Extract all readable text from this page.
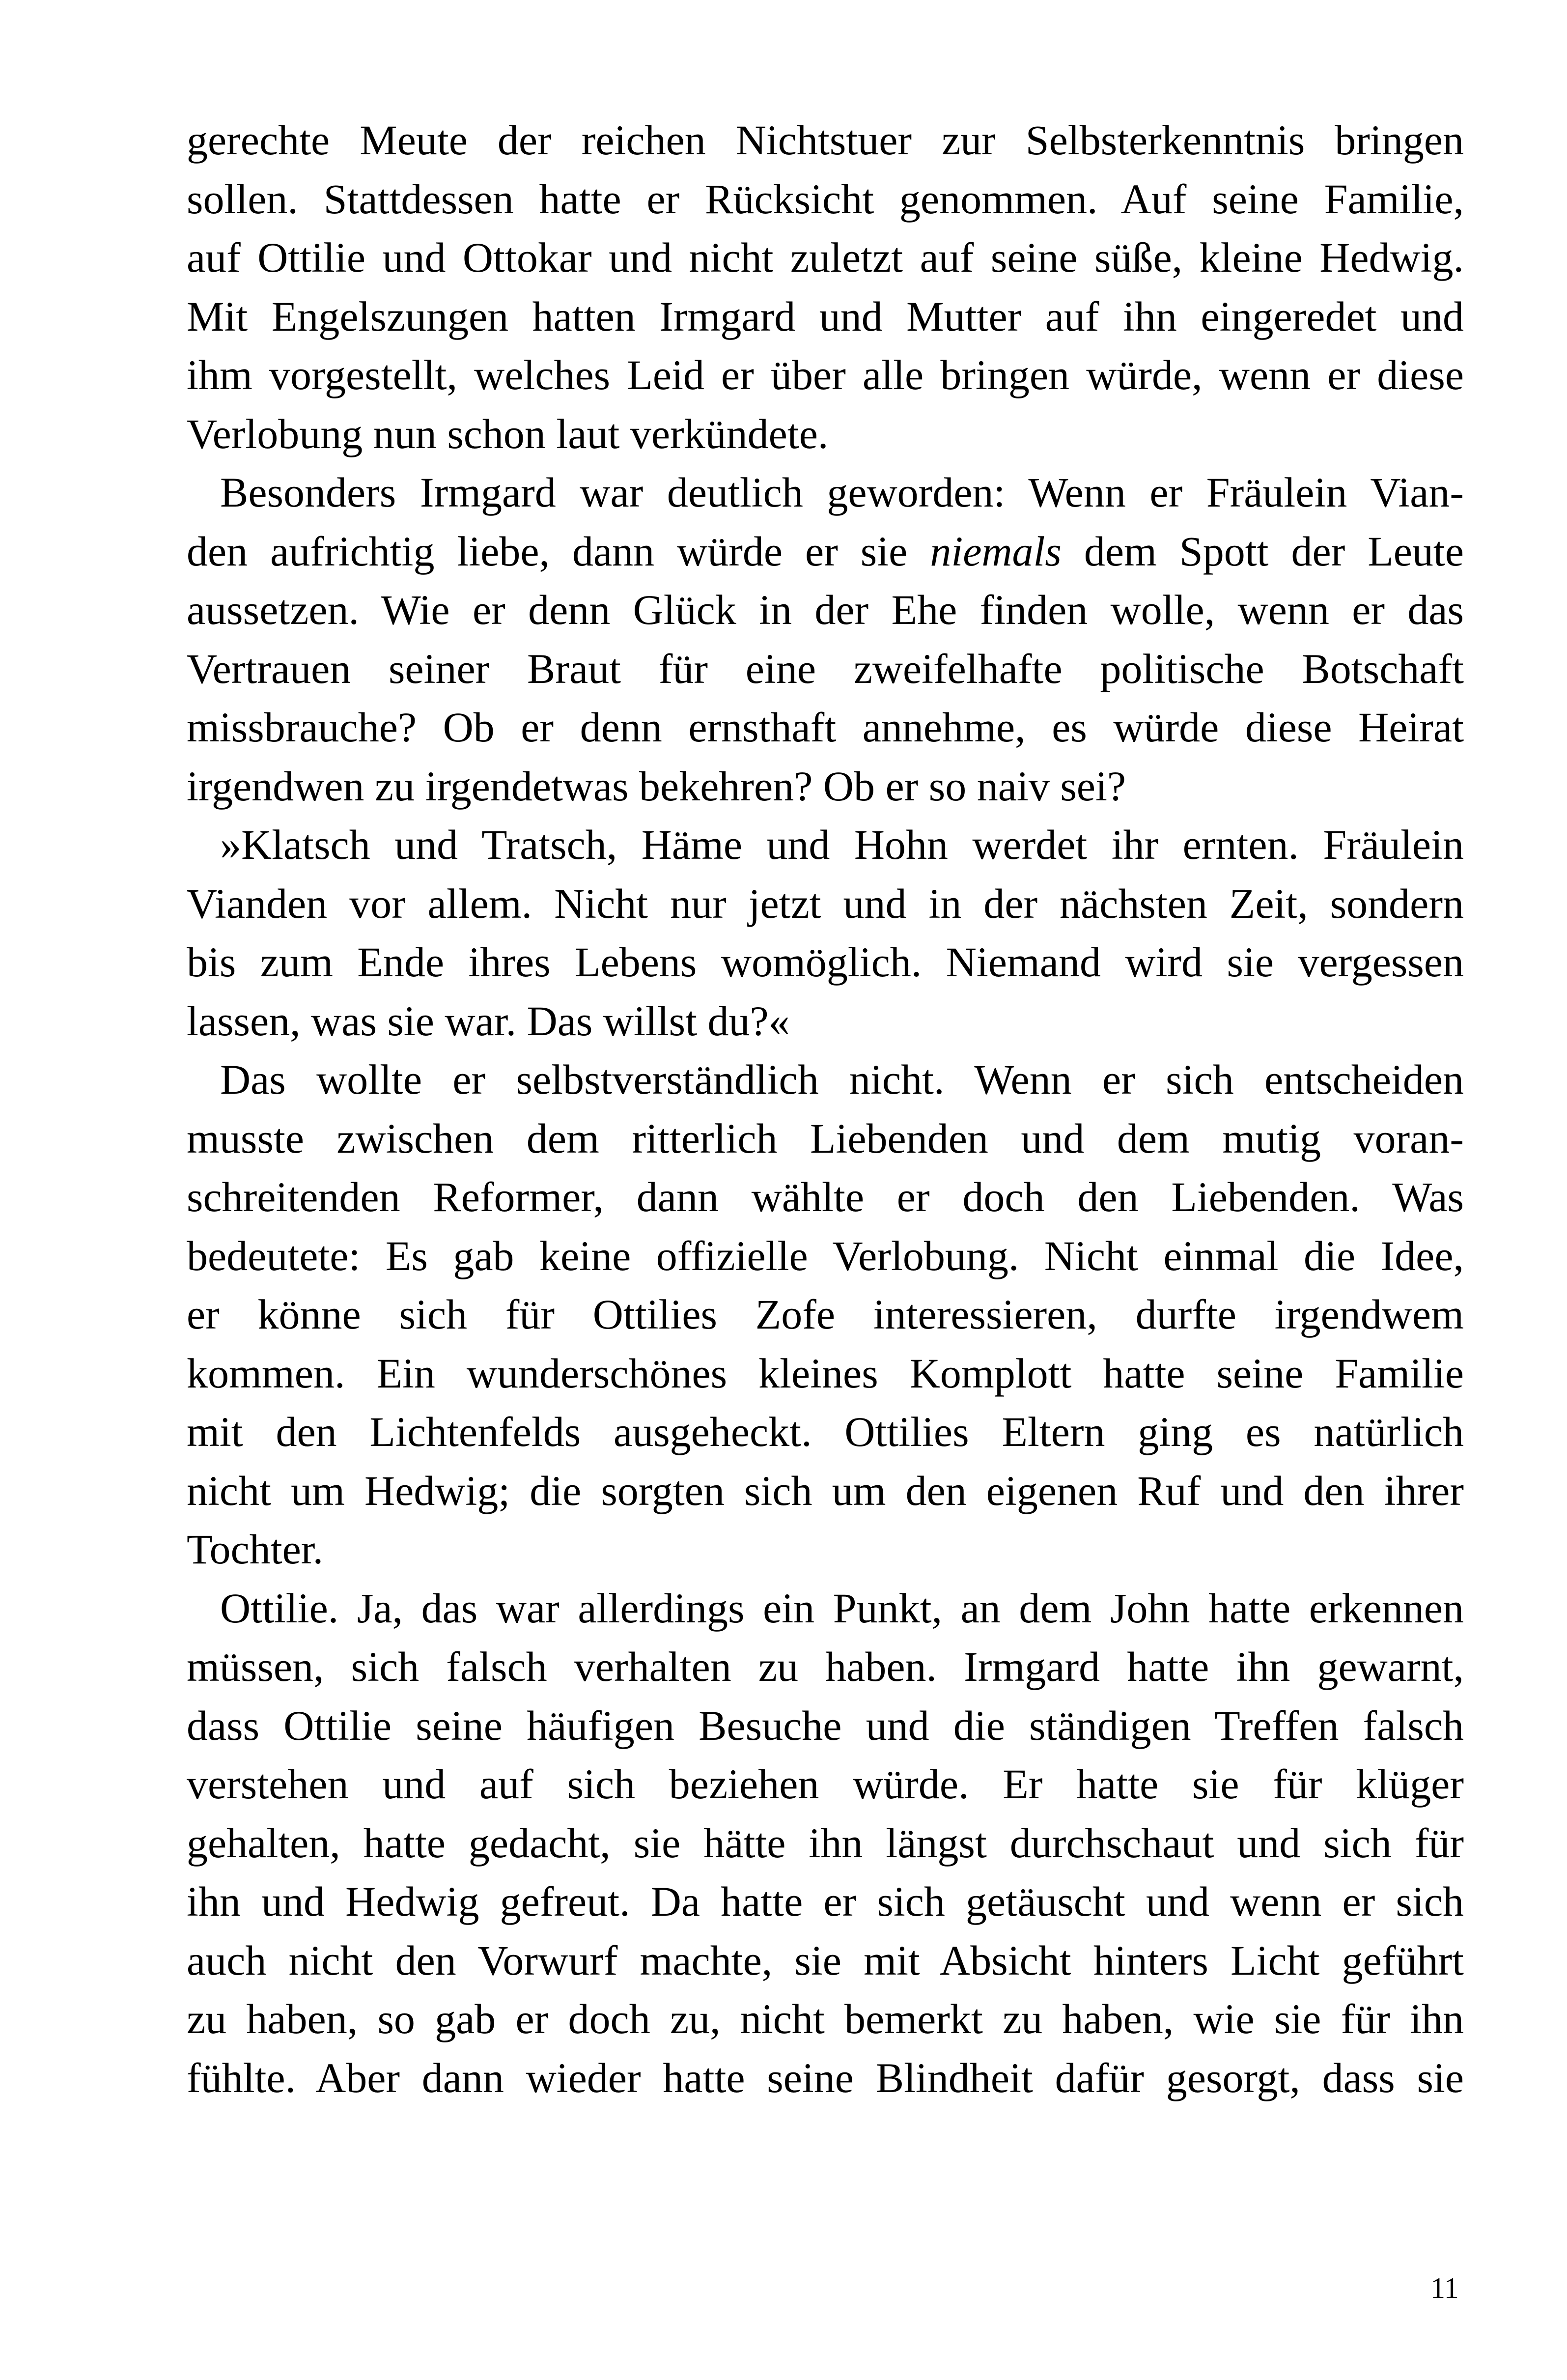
gerechte Meute der reichen Nichtstuer zur Selbsterkenntnis bringen
sollen. Stattdessen hatte er Rücksicht genommen. Auf seine Familie,
auf Ottilie und Ottokar und nicht zuletzt auf seine süße, kleine Hedwig.
Mit Engelszungen hatten Irmgard und Mutter auf ihn eingeredet und
ihm vorgestellt, welches Leid er über alle bringen würde, wenn er diese
Verlobung nun schon laut verkündete.
Besonders Irmgard war deutlich geworden: Wenn er Fräulein Vian-
den aufrichtig liebe, dann würde er sie niemals dem Spott der Leute
aussetzen. Wie er denn Glück in der Ehe finden wolle, wenn er das
Vertrauen seiner Braut für eine zweifelhafte politische Botschaft
missbrauche? Ob er denn ernsthaft annehme, es würde diese Heirat
irgendwen zu irgendetwas bekehren? Ob er so naiv sei?
»Klatsch und Tratsch, Häme und Hohn werdet ihr ernten. Fräulein
Vianden vor allem. Nicht nur jetzt und in der nächsten Zeit, sondern
bis zum Ende ihres Lebens womöglich. Niemand wird sie vergessen
lassen, was sie war. Das willst du?«
Das wollte er selbstverständlich nicht. Wenn er sich entscheiden
musste zwischen dem ritterlich Liebenden und dem mutig voran-
schreitenden Reformer, dann wählte er doch den Liebenden. Was
bedeutete: Es gab keine offizielle Verlobung. Nicht einmal die Idee,
er könne sich für Ottilies Zofe interessieren, durfte irgendwem
kommen. Ein wunderschönes kleines Komplott hatte seine Familie
mit den Lichtenfelds ausgeheckt. Ottilies Eltern ging es natürlich
nicht um Hedwig; die sorgten sich um den eigenen Ruf und den ihrer
Tochter.
Ottilie. Ja, das war allerdings ein Punkt, an dem John hatte erkennen
müssen, sich falsch verhalten zu haben. Irmgard hatte ihn gewarnt,
dass Ottilie seine häufigen Besuche und die ständigen Treffen falsch
verstehen und auf sich beziehen würde. Er hatte sie für klüger
gehalten, hatte gedacht, sie hätte ihn längst durchschaut und sich für
ihn und Hedwig gefreut. Da hatte er sich getäuscht und wenn er sich
auch nicht den Vorwurf machte, sie mit Absicht hinters Licht geführt
zu haben, so gab er doch zu, nicht bemerkt zu haben, wie sie für ihn
fühlte. Aber dann wieder hatte seine Blindheit dafür gesorgt, dass sie
11
